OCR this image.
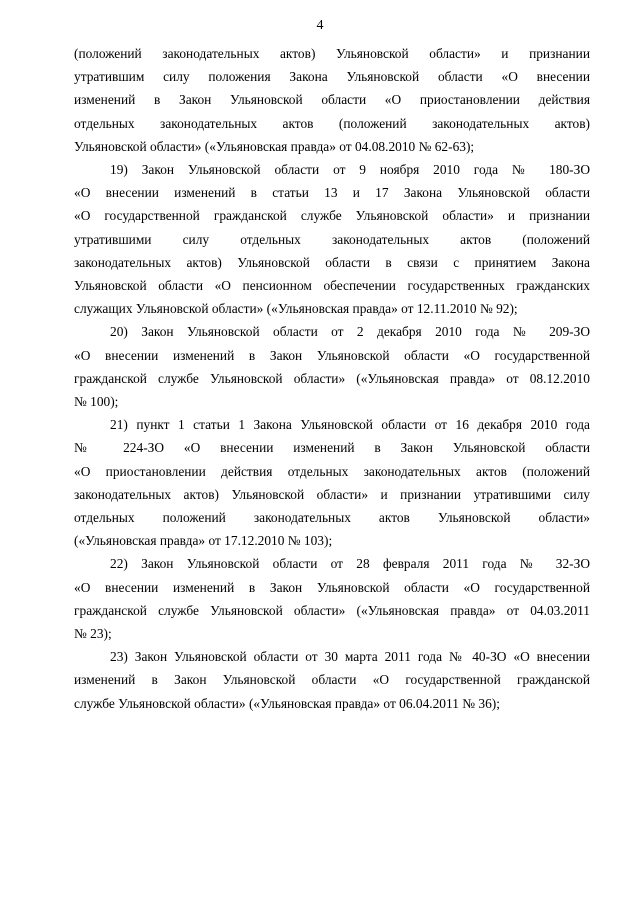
4
(положений законодательных актов) Ульяновской области» и признании
утратившим силу положения Закона Ульяновской области «О внесении
изменений в Закон Ульяновской области «О приостановлении действия
отдельных законодательных актов (положений законодательных актов)
Ульяновской области» («Ульяновская правда» от 04.08.2010 № 62-63);
19) Закон Ульяновской области от 9 ноября 2010 года № 180-ЗО
«О внесении изменений в статьи 13 и 17 Закона Ульяновской области
«О государственной гражданской службе Ульяновской области» и признании
утратившими силу отдельных законодательных актов (положений
законодательных актов) Ульяновской области в связи с принятием Закона
Ульяновской области «О пенсионном обеспечении государственных гражданских
служащих Ульяновской области» («Ульяновская правда» от 12.11.2010 № 92);
20) Закон Ульяновской области от 2 декабря 2010 года № 209-ЗО
«О внесении изменений в Закон Ульяновской области «О государственной
гражданской службе Ульяновской области» («Ульяновская правда» от 08.12.2010
№ 100);
21) пункт 1 статьи 1 Закона Ульяновской области от 16 декабря 2010 года
№ 224-ЗО «О внесении изменений в Закон Ульяновской области
«О приостановлении действия отдельных законодательных актов (положений
законодательных актов) Ульяновской области» и признании утратившими силу
отдельных положений законодательных актов Ульяновской области»
(«Ульяновская правда» от 17.12.2010 № 103);
22) Закон Ульяновской области от 28 февраля 2011 года № 32-ЗО
«О внесении изменений в Закон Ульяновской области «О государственной
гражданской службе Ульяновской области» («Ульяновская правда» от 04.03.2011
№ 23);
23) Закон Ульяновской области от 30 марта 2011 года № 40-ЗО «О внесении
изменений в Закон Ульяновской области «О государственной гражданской
службе Ульяновской области» («Ульяновская правда» от 06.04.2011 № 36);
